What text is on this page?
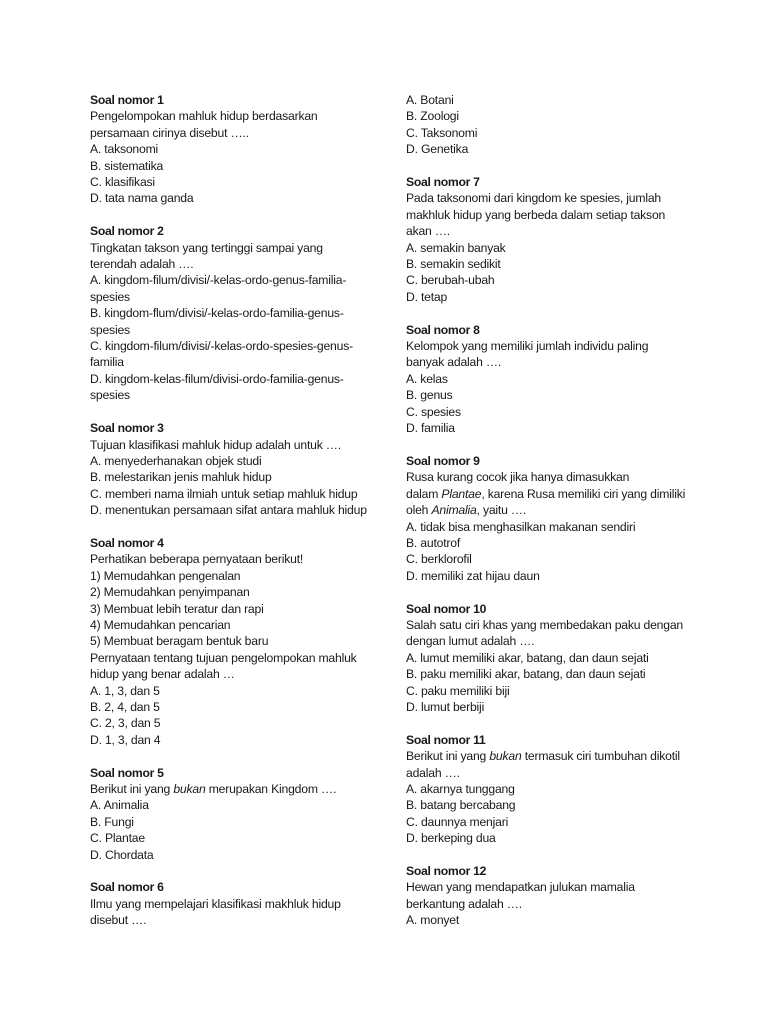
Soal nomor 1
Pengelompokan mahluk hidup berdasarkan
persamaan cirinya disebut …..
A. taksonomi
B. sistematika
C. klasifikasi
D. tata nama ganda
Soal nomor 2
Tingkatan takson yang tertinggi sampai yang
terendah adalah ….
A. kingdom-filum/divisi/-kelas-ordo-genus-familia-
spesies
B. kingdom-flum/divisi/-kelas-ordo-familia-genus-
spesies
C. kingdom-filum/divisi/-kelas-ordo-spesies-genus-
familia
D. kingdom-kelas-filum/divisi-ordo-familia-genus-
spesies
Soal nomor 3
Tujuan klasifikasi mahluk hidup adalah untuk ….
A. menyederhanakan objek studi
B. melestarikan jenis mahluk hidup
C. memberi nama ilmiah untuk setiap mahluk hidup
D. menentukan persamaan sifat antara mahluk hidup
Soal nomor 4
Perhatikan beberapa pernyataan berikut!
1) Memudahkan pengenalan
2) Memudahkan penyimpanan
3) Membuat lebih teratur dan rapi
4) Memudahkan pencarian
5) Membuat beragam bentuk baru
Pernyataan tentang tujuan pengelompokan mahluk
hidup yang benar adalah …
A. 1, 3, dan 5
B. 2, 4, dan 5
C. 2, 3, dan 5
D. 1, 3, dan 4
Soal nomor 5
Berikut ini yang bukan merupakan Kingdom ….
A. Animalia
B. Fungi
C. Plantae
D. Chordata
Soal nomor 6
Ilmu yang mempelajari klasifikasi makhluk hidup
disebut ….
A. Botani
B. Zoologi
C. Taksonomi
D. Genetika
Soal nomor 7
Pada taksonomi dari kingdom ke spesies, jumlah
makhluk hidup yang berbeda dalam setiap takson
akan ….
A. semakin banyak
B. semakin sedikit
C. berubah-ubah
D. tetap
Soal nomor 8
Kelompok yang memiliki jumlah individu paling
banyak adalah ….
A. kelas
B. genus
C. spesies
D. familia
Soal nomor 9
Rusa kurang cocok jika hanya dimasukkan
dalam Plantae, karena Rusa memiliki ciri yang dimiliki
oleh Animalia, yaitu ….
A. tidak bisa menghasilkan makanan sendiri
B. autotrof
C. berklorofil
D. memiliki zat hijau daun
Soal nomor 10
Salah satu ciri khas yang membedakan paku dengan
dengan lumut adalah ….
A. lumut memiliki akar, batang, dan daun sejati
B. paku memiliki akar, batang, dan daun sejati
C. paku memiliki biji
D. lumut berbiji
Soal nomor 11
Berikut ini yang bukan termasuk ciri tumbuhan dikotil
adalah ….
A. akarnya tunggang
B. batang bercabang
C. daunnya menjari
D. berkeping dua
Soal nomor 12
Hewan yang mendapatkan julukan mamalia
berkantung adalah ….
A. monyet
